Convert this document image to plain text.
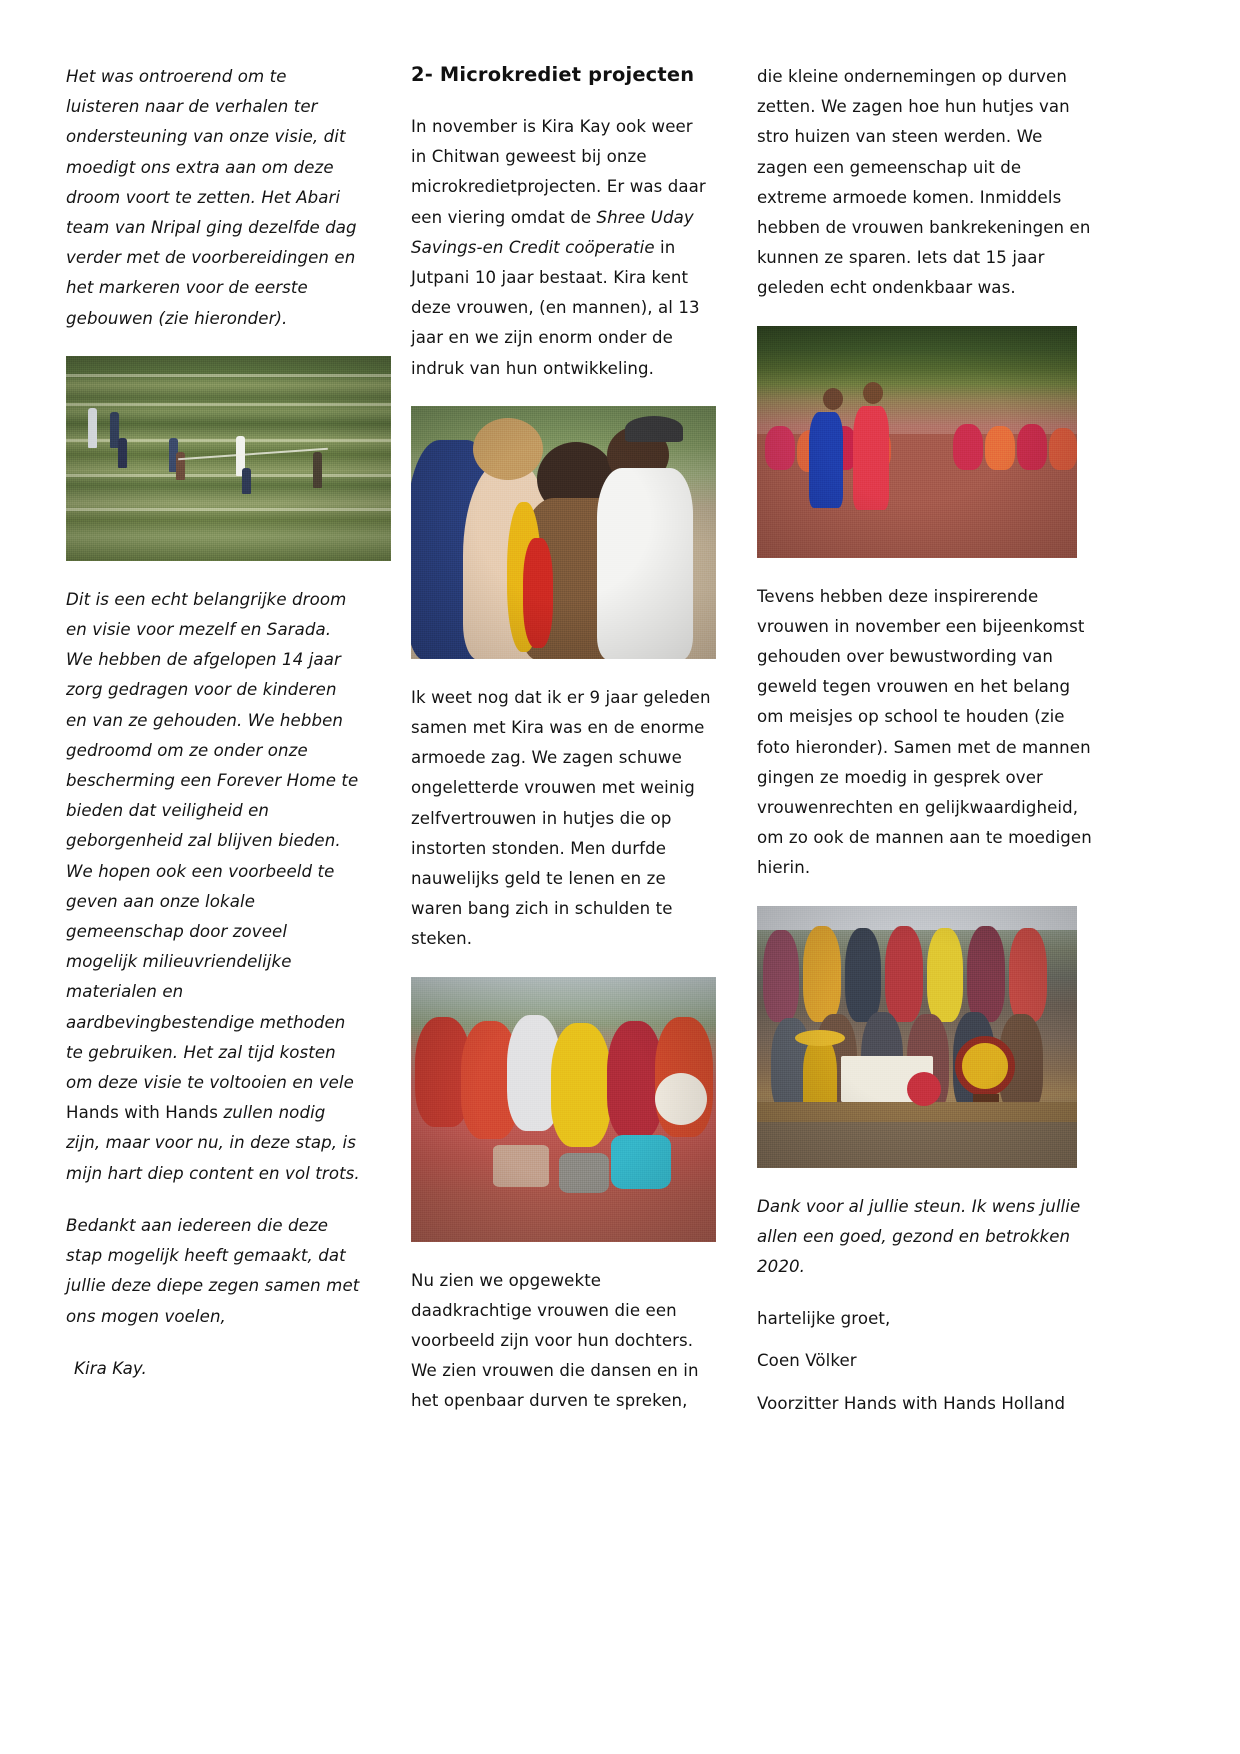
Het was ontroerend om te luisteren naar de verhalen ter ondersteuning van onze visie, dit moedigt ons extra aan om deze droom voort te zetten. Het Abari team van Nripal ging dezelfde dag verder met de voorbereidingen en het markeren voor de eerste gebouwen (zie hieronder).

Dit is een echt belangrijke droom en visie voor mezelf en Sarada. We hebben de afgelopen 14 jaar zorg gedragen voor de kinderen en van ze gehouden. We hebben gedroomd om ze onder onze bescherming een Forever Home te bieden dat veiligheid en geborgenheid zal blijven bieden. We hopen ook een voorbeeld te geven aan onze lokale gemeenschap door zoveel mogelijk milieuvriendelijke materialen en aardbevingbestendige methoden te gebruiken. Het zal tijd kosten om deze visie te voltooien en vele Hands with Hands zullen nodig zijn, maar voor nu, in deze stap, is mijn hart diep content en vol trots.

Bedankt aan iedereen die deze stap mogelijk heeft gemaakt, dat jullie deze diepe zegen samen met ons mogen voelen,

Kira Kay.

2- Microkrediet projecten

In november is Kira Kay ook weer in Chitwan geweest bij onze microkredietprojecten. Er was daar een viering omdat de Shree Uday Savings-en Credit coöperatie in Jutpani 10 jaar bestaat. Kira kent deze vrouwen, (en mannen), al 13 jaar en we zijn enorm onder de indruk van hun ontwikkeling.

Ik weet nog dat ik er 9 jaar geleden samen met Kira was en de enorme armoede zag. We zagen schuwe ongeletterde vrouwen met weinig zelfvertrouwen in hutjes die op instorten stonden. Men durfde nauwelijks geld te lenen en ze waren bang zich in schulden te steken.

Nu zien we opgewekte daadkrachtige vrouwen die een voorbeeld zijn voor hun dochters. We zien vrouwen die dansen en in het openbaar durven te spreken,

die kleine ondernemingen op durven zetten. We zagen hoe hun hutjes van stro huizen van steen werden. We zagen een gemeenschap uit de extreme armoede komen. Inmiddels hebben de vrouwen bankrekeningen en kunnen ze sparen. Iets dat 15 jaar geleden echt ondenkbaar was.

Tevens hebben deze inspirerende vrouwen in november een bijeenkomst gehouden over bewustwording van geweld tegen vrouwen en het belang om meisjes op school te houden (zie foto hieronder). Samen met de mannen gingen ze moedig in gesprek over vrouwenrechten en gelijkwaardigheid, om zo ook de mannen aan te moedigen hierin.

Dank voor al jullie steun. Ik wens jullie allen een goed, gezond en betrokken 2020.

hartelijke groet,

Coen Völker

Voorzitter Hands with Hands Holland
